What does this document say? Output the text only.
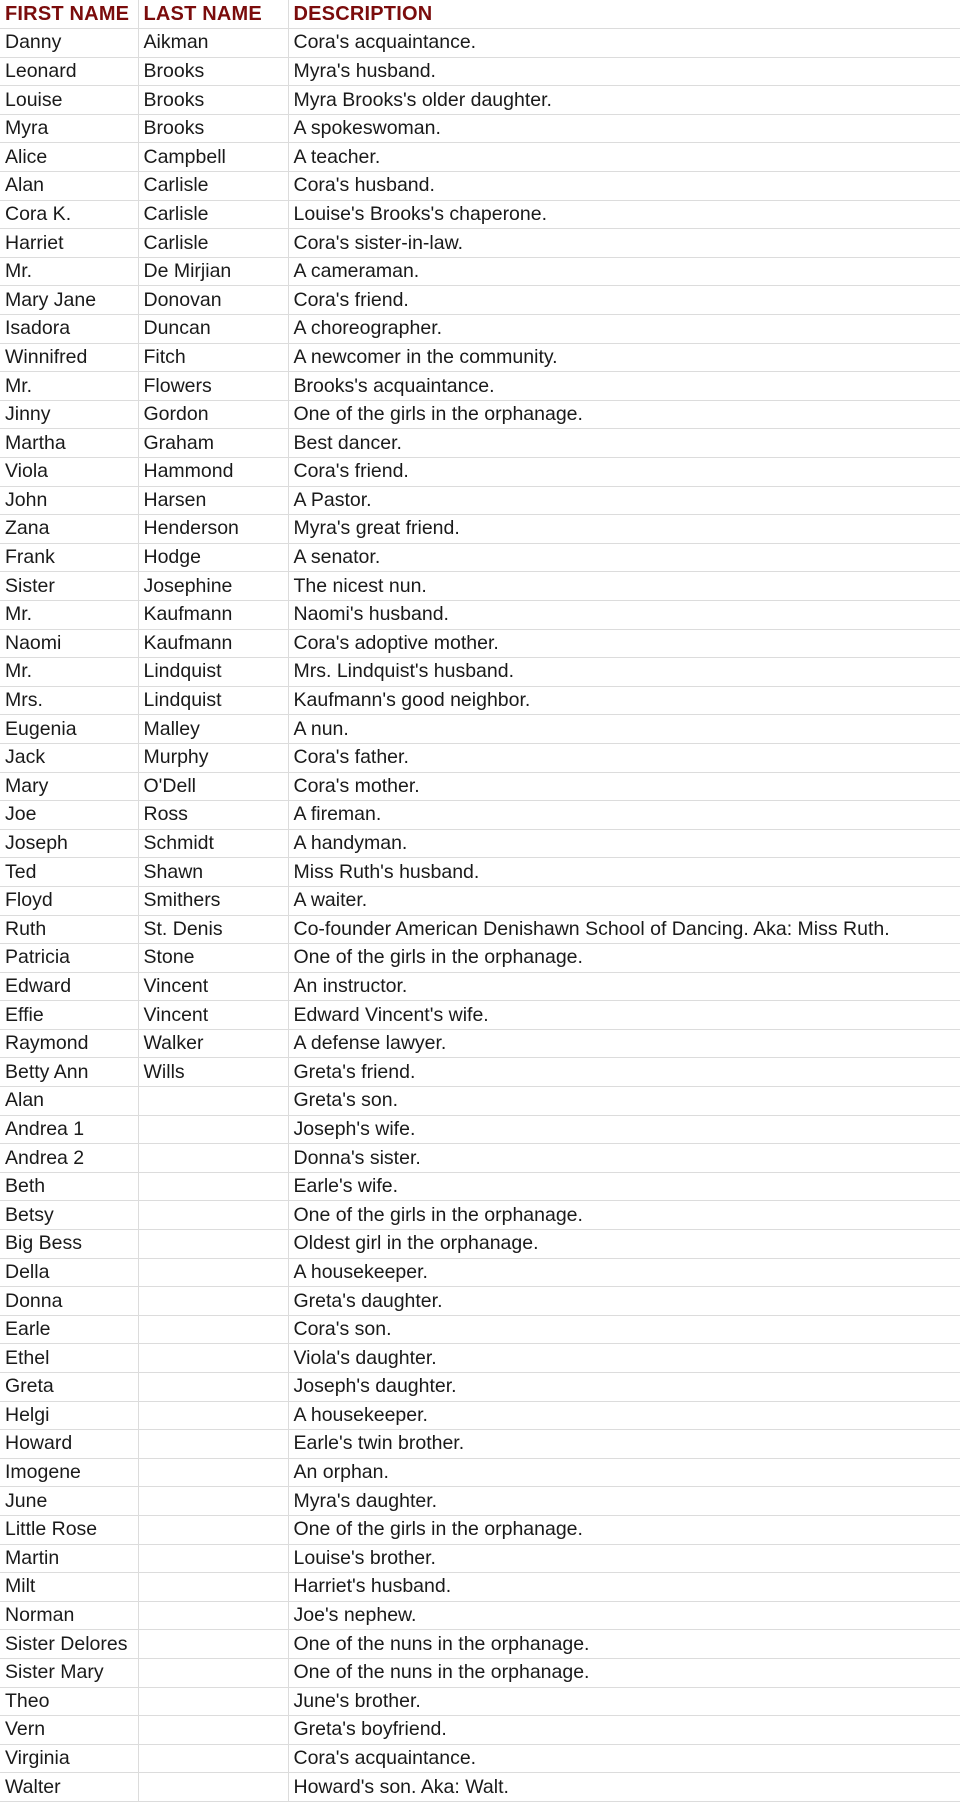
FIRST NAME	LAST NAME	DESCRIPTION
Danny	Aikman	Cora's acquaintance.
Leonard	Brooks	Myra's husband.
Louise	Brooks	Myra Brooks's older daughter.
Myra	Brooks	A spokeswoman.
Alice	Campbell	A teacher.
Alan	Carlisle	Cora's husband.
Cora K.	Carlisle	Louise's Brooks's chaperone.
Harriet	Carlisle	Cora's sister-in-law.
Mr.	De Mirjian	A cameraman.
Mary Jane	Donovan	Cora's friend.
Isadora	Duncan	A choreographer.
Winnifred	Fitch	A newcomer in the community.
Mr.	Flowers	Brooks's acquaintance.
Jinny	Gordon	One of the girls in the orphanage.
Martha	Graham	Best dancer.
Viola	Hammond	Cora's friend.
John	Harsen	A Pastor.
Zana	Henderson	Myra's great friend.
Frank	Hodge	A senator.
Sister	Josephine	The nicest nun.
Mr.	Kaufmann	Naomi's husband.
Naomi	Kaufmann	Cora's adoptive mother.
Mr.	Lindquist	Mrs. Lindquist's husband.
Mrs.	Lindquist	Kaufmann's good neighbor.
Eugenia	Malley	A nun.
Jack	Murphy	Cora's father.
Mary	O'Dell	Cora's mother.
Joe	Ross	A fireman.
Joseph	Schmidt	A handyman.
Ted	Shawn	Miss Ruth's husband.
Floyd	Smithers	A waiter.
Ruth	St. Denis	Co-founder American Denishawn School of Dancing. Aka: Miss Ruth.
Patricia	Stone	One of the girls in the orphanage.
Edward	Vincent	An instructor.
Effie	Vincent	Edward Vincent's wife.
Raymond	Walker	A defense lawyer.
Betty Ann	Wills	Greta's friend.
Alan		Greta's son.
Andrea 1		Joseph's wife.
Andrea 2		Donna's sister.
Beth		Earle's wife.
Betsy		One of the girls in the orphanage.
Big Bess		Oldest girl in the orphanage.
Della		A housekeeper.
Donna		Greta's daughter.
Earle		Cora's son.
Ethel		Viola's daughter.
Greta		Joseph's daughter.
Helgi		A housekeeper.
Howard		Earle's twin brother.
Imogene		An orphan.
June		Myra's daughter.
Little Rose		One of the girls in the orphanage.
Martin		Louise's brother.
Milt		Harriet's husband.
Norman		Joe's nephew.
Sister Delores		One of the nuns in the orphanage.
Sister Mary		One of the nuns in the orphanage.
Theo		June's brother.
Vern		Greta's boyfriend.
Virginia		Cora's acquaintance.
Walter		Howard's son. Aka: Walt.
